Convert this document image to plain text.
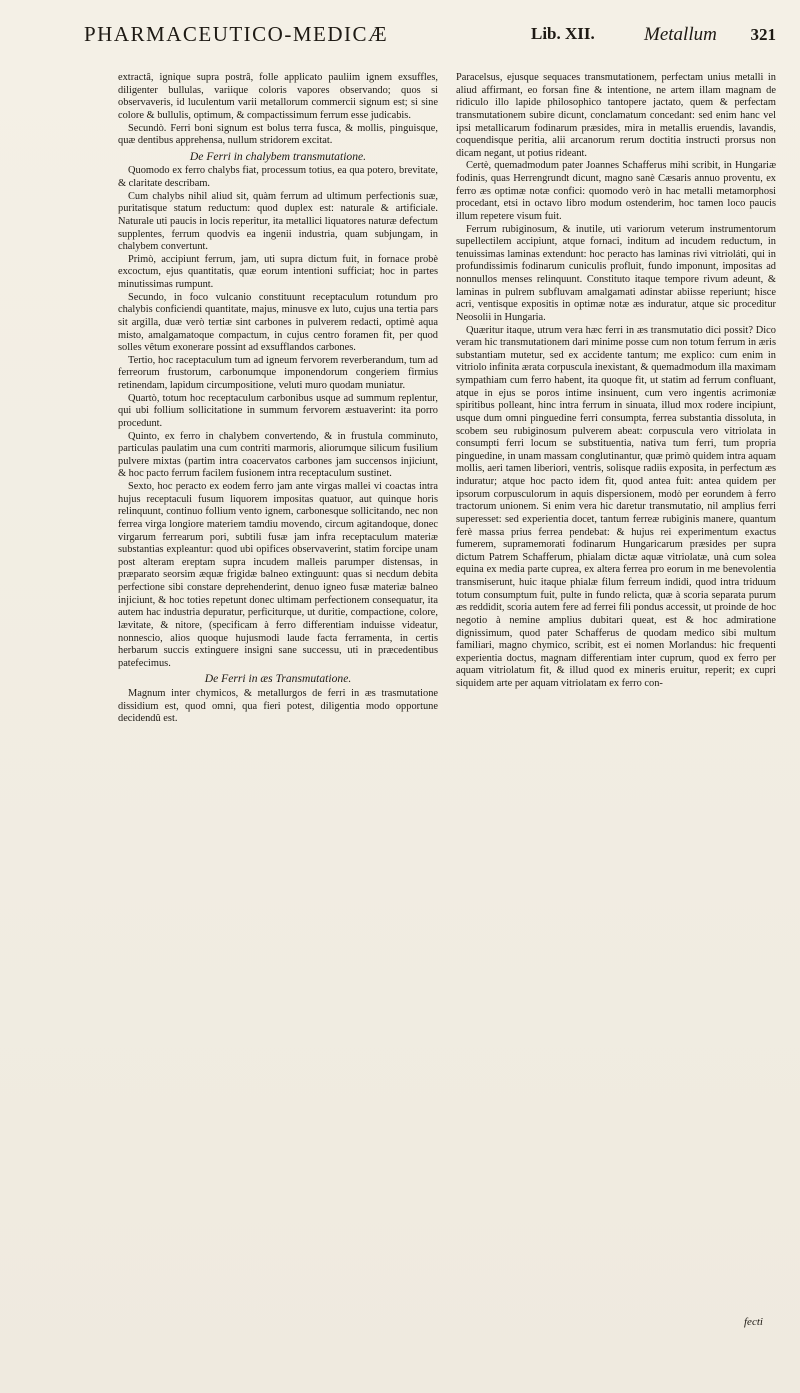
PHARMACEUTICO-MEDICÆ	Lib. XII.	Metallum 321

extractâ, ignique supra postrâ, folle applicato pauliim ignem exsuffles, diligenter bullulas, variique coloris vapores observando; quos si observaveris, id luculentum varii metallorum commercii signum est; si sine colore & bullulis, optimum, & compactissimum ferrum esse judicabis.

Secundò. Ferri boni signum est bolus terra fusca, & mollis, pinguisque, quæ dentibus apprehensa, nullum stridorem excitat.

De Ferri in chalybem transmutatione.

Quomodo ex ferro chalybs fiat, processum totius, ea qua potero, brevitate, & claritate describam.

Cum chalybs nihil aliud sit, quàm ferrum ad ultimum perfectionis suæ, puritatisque statum reductum: quod duplex est: naturale & artificiale. Naturale uti paucis in locis reperitur, ita metallici liquatores naturæ defectum supplentes, ferrum quodvis ea ingenii industria, quam subjungam, in chalybem convertunt.

Primò, accipiunt ferrum, jam, uti supra dictum fuit, in fornace probè excoctum, ejus quantitatis, quæ eorum intentioni sufficiat; hoc in partes minutissimas rumpunt.

Secundo, in foco vulcanio constituunt receptaculum rotundum pro chalybis conficiendi quantitate, majus, minusve ex luto, cujus una tertia pars sit argilla, duæ verò tertiæ sint carbones in pulverem redacti, optimè aqua misto, amalgamatoque compactum, in cujus centro foramen fit, per quod solles vêtum exonerare possint ad exsufflandos carbones.

Tertio, hoc raceptaculum tum ad igneum fervorem reverberandum, tum ad ferreorum frustorum, carbonumque imponendorum congeriem firmius retinendam, lapidum circumpositione, veluti muro quodam muniatur.

Quartò, totum hoc receptaculum carbonibus usque ad summum replentur, qui ubi follium sollicitatione in summum fervorem æstuaverint: ita porro procedunt.

Quinto, ex ferro in chalybem convertendo, & in frustula comminuto, particulas paulatim una cum contriti marmoris, aliorumque silicum fusilium pulvere mixtas (partim intra coacervatos carbones jam succensos injiciunt, & hoc pacto ferrum facilem fusionem intra receptaculum sustinet.

Sexto, hoc peracto ex eodem ferro jam ante virgas mallei vi coactas intra hujus receptaculi fusum liquorem impositas quatuor, aut quinque horis relinquunt, continuo follium vento ignem, carbonesque sollicitando, nec non ferrea virga longiore materiem tamdiu movendo, circum agitandoque, donec virgarum ferrearum pori, subtili fusæ jam infra receptaculum materiæ substantias expleantur: quod ubi opifices observaverint, statim forcipe unam post alteram ereptam supra incudem malleis parumper distensas, in præparato seorsim æquæ frigidæ balneo extinguunt: quas si necdum debita perfectione sibi constare deprehenderint, denuo igneo fusæ materiæ balneo injiciunt, & hoc toties repetunt donec ultimam perfectionem consequatur, ita autem hac industria depuratur, perficiturque, ut duritie, compactione, colore, lævitate, & nitore, (specificam à ferro differentiam induisse videatur, nonnescio, alios quoque hujusmodi laude facta ferramenta, in certis herbarum succis extinguere insigni sane successu, uti in præcedentibus patefecimus.

De Ferri in æs Transmutatione.

Magnum inter chymicos, & metallurgos de ferri in æs trasmutatione dissidium est, quod omni, qua fieri potest, diligentia modo opportune decidendû est.

Paracelsus, ejusque sequaces transmutationem, perfectam unius metalli in aliud affirmant, eo forsan fine & intentione, ne artem illam magnam de ridiculo illo lapide philosophico tantopere jactato, quem & perfectam transmutationem subire dicunt, conclamatum concedant: sed enim hanc vel ipsi metallicarum fodinarum præsides, mira in metallis eruendis, lavandis, coquendisque peritia, alii arcanorum rerum doctitia instructi prorsus non dicam negant, ut potius rideant.

Certè, quemadmodum pater Joannes Schafferus mihi scribit, in Hungariæ fodinis, quas Herrengrundt dicunt, magno sanè Cæsaris annuo proventu, ex ferro æs optimæ notæ confici: quomodo verò in hac metalli metamorphosi procedant, etsi in octavo libro modum ostenderim, hoc tamen loco paucis illum repetere visum fuit.

Ferrum rubiginosum, & inutile, uti variorum veterum instrumentorum supellectilem accipiunt, atque fornaci, inditum ad incudem reductum, in tenuissimas laminas extendunt: hoc peracto has laminas rivi vitrioláti, qui in profundissimis fodinarum cuniculis profluit, fundo imponunt, impositas ad nonnullos menses relinquunt. Constituto itaque tempore rivum adeunt, & laminas in pulrem subfluvam amalgamati adinstar abiisse reperiunt; hisce acri, ventisque expositis in optimæ notæ æs induratur, atque sic proceditur Neosolii in Hungaria.

Quæritur itaque, utrum vera hæc ferri in æs transmutatio dici possit? Dico veram hic transmutationem dari minime posse cum non totum ferrum in æris substantiam mutetur, sed ex accidente tantum; me explico: cum enim in vitriolo infinita ærata corpuscula inexistant, & quemadmodum illa maximam sympathiam cum ferro habent, ita quoque fit, ut statim ad ferrum confluant, atque in ejus se poros intime insinuent, cum vero ingentis acrimoniæ spiritibus polleant, hinc intra ferrum in sinuata, illud mox rodere incipiunt, usque dum omni pinguedine ferri consumpta, ferrea substantia dissoluta, in scobem seu rubiginosum pulverem abeat: corpuscula vero vitriolata in consumpti ferri locum se substituentia, nativa tum ferri, tum propria pinguedine, in unam massam conglutinantur, quæ primò quidem intra aquam mollis, aeri tamen liberiori, ventris, solisque radiis exposita, in perfectum æs induratur; atque hoc pacto idem fit, quod antea fuit: antea quidem per ipsorum corpusculorum in aquis dispersionem, modò per eorundem à ferro tractorum unionem. Si enim vera hic daretur transmutatio, nil amplius ferri superesset: sed experientia docet, tantum ferreæ rubiginis manere, quantum ferè massa prius ferrea pendebat: & hujus rei experimentum exactus fumerem, supramemorati fodinarum Hungaricarum præsides per supra dictum Patrem Schafferum, phialam dictæ aquæ vitriolatæ, unà cum solea equina ex media parte cuprea, ex altera ferrea pro eorum in me benevolentia transmiserunt, huic itaque phialæ filum ferreum indidi, quod intra triduum totum consumptum fuit, pulte in fundo relicta, quæ à scoria separata purum æs reddidit, scoria autem fere ad ferrei fili pondus accessit, ut proinde de hoc negotio à nemine amplius dubitari queat, est & hoc admiratione dignissimum, quod pater Schafferus de quodam medico sibi multum familiari, magno chymico, scribit, est ei nomen Morlandus: hic frequenti experientia doctus, magnam differentiam inter cuprum, quod ex ferro per aquam vitriolatum fit, & illud quod ex mineris eruitur, reperit; ex cupri siquidem arte per aquam vitriolatam ex ferro con-

fecti
